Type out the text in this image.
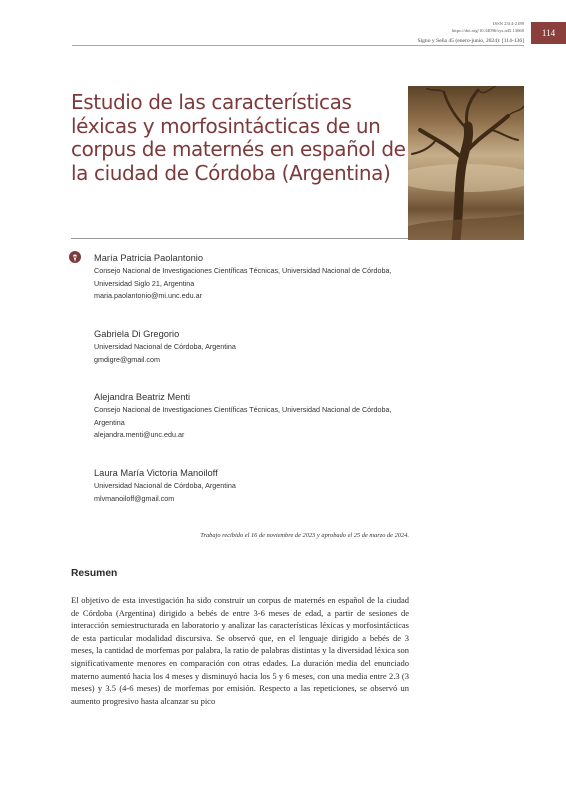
ISSN 2314-2189
https://doi.org/10.34096/sys.n45.13660
Signo y Seña 45 (enero-junio, 2024): [114-136]
114
Estudio de las características léxicas y morfosintácticas de un corpus de maternés en español de la ciudad de Córdoba (Argentina)
María Patricia Paolantonio
Consejo Nacional de Investigaciones Científicas Técnicas, Universidad Nacional de Córdoba, Universidad Siglo 21, Argentina
maria.paolantonio@mi.unc.edu.ar
Gabriela Di Gregorio
Universidad Nacional de Córdoba, Argentina
gmdigre@gmail.com
Alejandra Beatriz Menti
Consejo Nacional de Investigaciones Científicas Técnicas, Universidad Nacional de Córdoba, Argentina
alejandra.menti@unc.edu.ar
Laura María Victoria Manoiloff
Universidad Nacional de Córdoba, Argentina
mlvmanoiloff@gmail.com
Trabajo recibido el 16 de noviembre de 2023 y aprobado el 25 de marzo de 2024.
Resumen

El objetivo de esta investigación ha sido construir un corpus de maternés en español de la ciudad de Córdoba (Argentina) dirigido a bebés de entre 3-6 meses de edad, a partir de sesiones de interacción semiestructurada en laboratorio y analizar las características léxicas y morfosintácticas de esta particular modalidad discursiva. Se observó que, en el lenguaje dirigido a bebés de 3 meses, la cantidad de morfemas por palabra, la ratio de palabras distintas y la diversidad léxica son significativamente menores en comparación con otras edades. La duración media del enunciado materno aumentó hacia los 4 meses y disminuyó hacia los 5 y 6 meses, con una media entre 2.3 (3 meses) y 3.5 (4-6 meses) de morfemas por emisión. Respecto a las repeticiones, se observó un aumento progresivo hasta alcanzar su pico
